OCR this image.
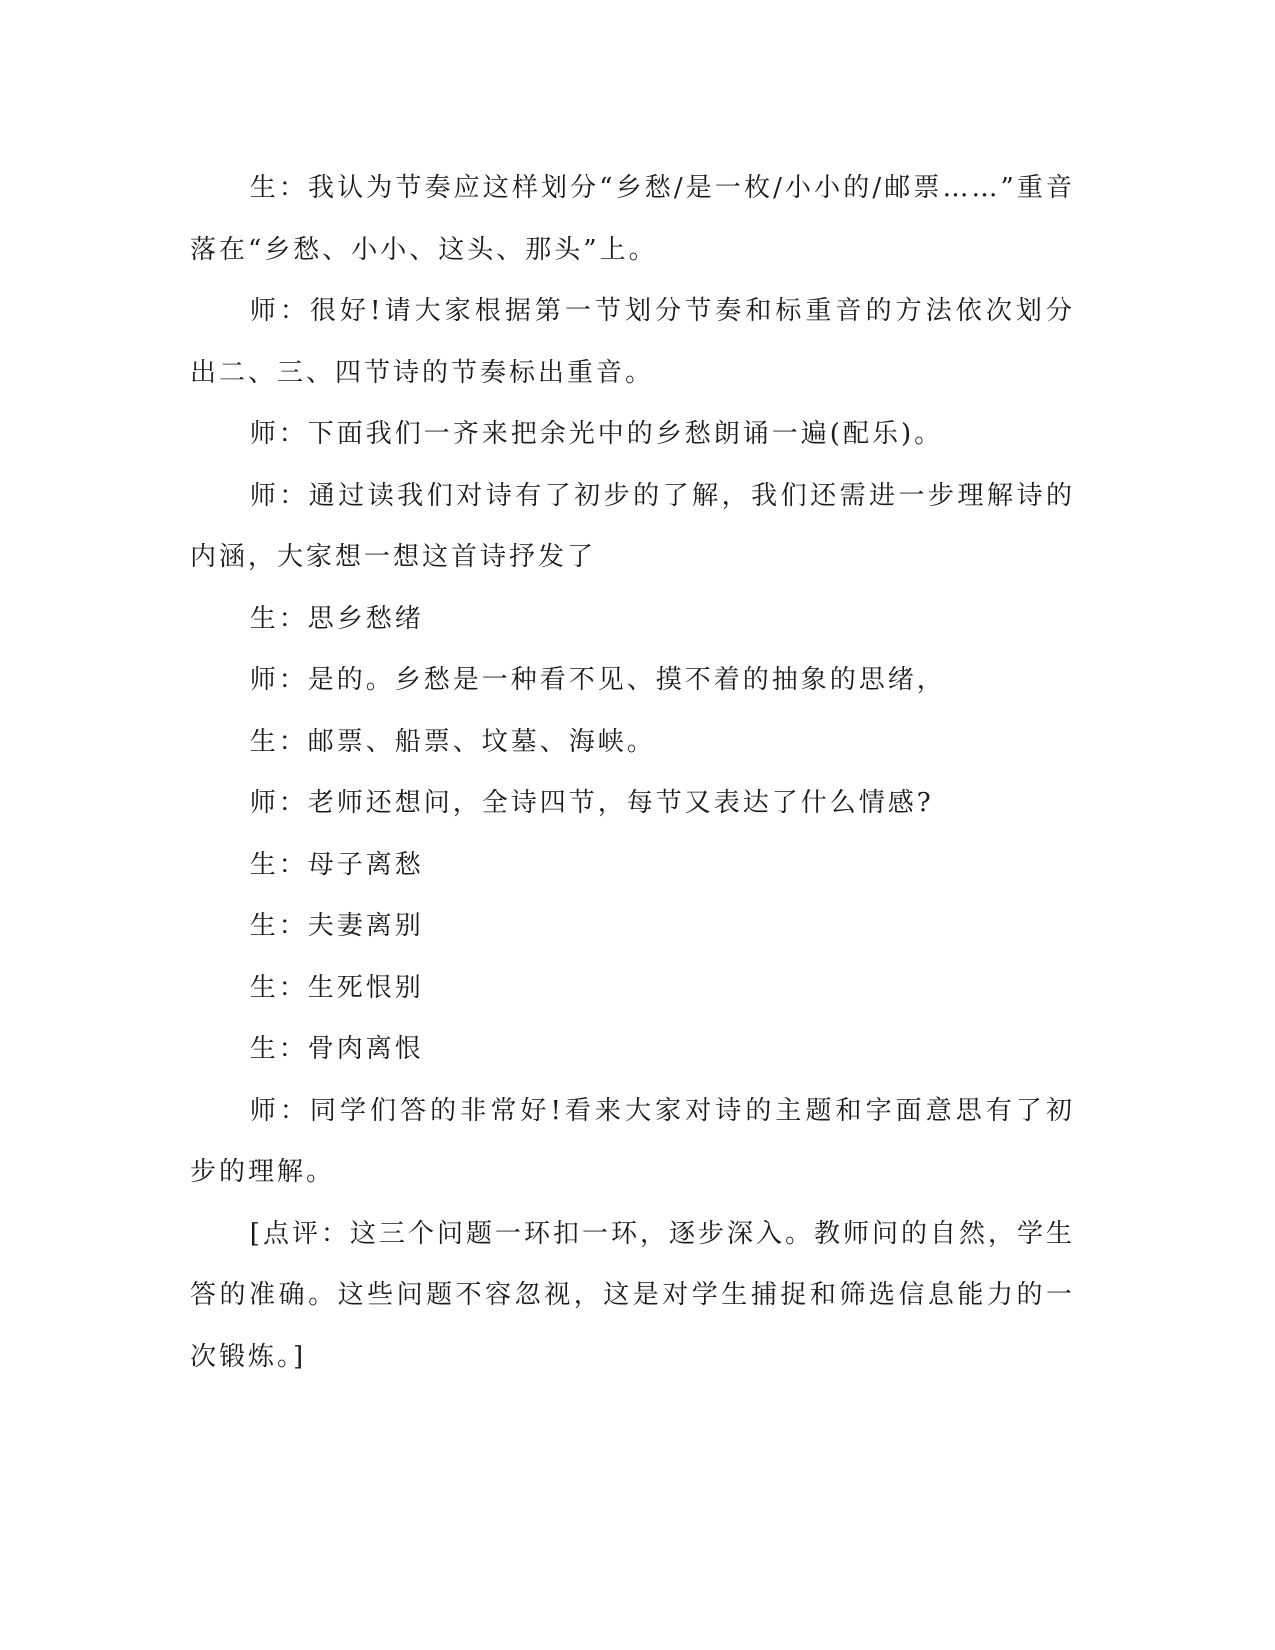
生：我认为节奏应这样划分“乡愁/是一枚/小小的/邮票……”重音落在“乡愁、小小、这头、那头”上。

师：很好!请大家根据第一节划分节奏和标重音的方法依次划分出二、三、四节诗的节奏标出重音。

师：下面我们一齐来把余光中的乡愁朗诵一遍(配乐)。

师：通过读我们对诗有了初步的了解，我们还需进一步理解诗的内涵，大家想一想这首诗抒发了

生：思乡愁绪

师：是的。乡愁是一种看不见、摸不着的抽象的思绪，

生：邮票、船票、坟墓、海峡。

师：老师还想问，全诗四节，每节又表达了什么情感?

生：母子离愁

生：夫妻离别

生：生死恨别

生：骨肉离恨

师：同学们答的非常好!看来大家对诗的主题和字面意思有了初步的理解。

[点评：这三个问题一环扣一环，逐步深入。教师问的自然，学生答的准确。这些问题不容忽视，这是对学生捕捉和筛选信息能力的一次锻炼。]
